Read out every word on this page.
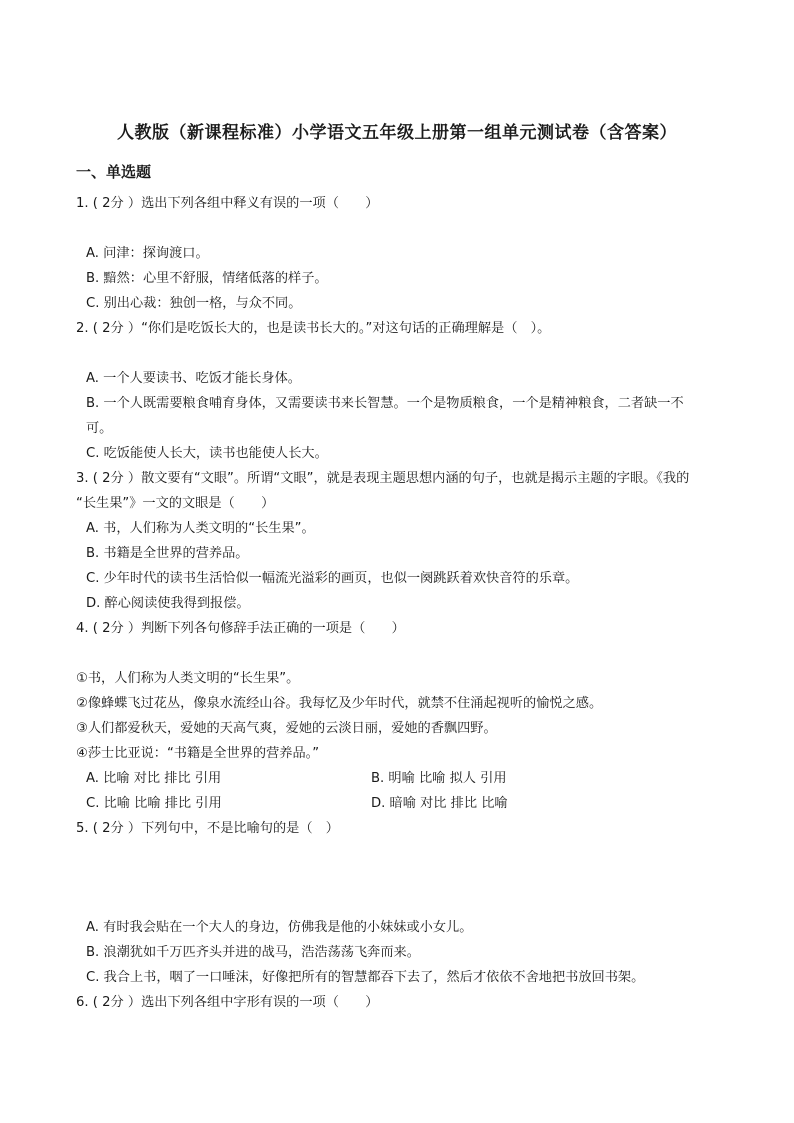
人教版（新课程标准）小学语文五年级上册第一组单元测试卷（含答案）
一、单选题
1. ( 2分 ）选出下列各组中释义有误的一项（　　）
A. 问津：探询渡口。
B. 黯然：心里不舒服，情绪低落的样子。
C. 别出心裁：独创一格，与众不同。
2. ( 2分 ）“你们是吃饭长大的，也是读书长大的。”对这句话的正确理解是（　）。
A. 一个人要读书、吃饭才能长身体。
B. 一个人既需要粮食哺育身体，又需要读书来长智慧。一个是物质粮食，一个是精神粮食，二者缺一不
可。
C. 吃饭能使人长大，读书也能使人长大。
3. ( 2分 ）散文要有“文眼”。所谓“文眼”，就是表现主题思想内涵的句子，也就是揭示主题的字眼。《我的
“长生果”》一文的文眼是（　　）
A. 书，人们称为人类文明的“长生果”。
B. 书籍是全世界的营养品。
C. 少年时代的读书生活恰似一幅流光溢彩的画页，也似一阕跳跃着欢快音符的乐章。
D. 醉心阅读使我得到报偿。
4. ( 2分 ）判断下列各句修辞手法正确的一项是（　　）
①书，人们称为人类文明的“长生果”。
②像蜂蝶飞过花丛，像泉水流经山谷。我每忆及少年时代，就禁不住涌起视听的愉悦之感。
③人们都爱秋天，爱她的天高气爽，爱她的云淡日丽，爱她的香飘四野。
④莎士比亚说：“书籍是全世界的营养品。”
A. 比喻 对比 排比 引用	B. 明喻 比喻 拟人 引用
C. 比喻 比喻 排比 引用	D. 暗喻 对比 排比 比喻
5. ( 2分 ）下列句中，不是比喻句的是（　）
A. 有时我会贴在一个大人的身边，仿佛我是他的小妹妹或小女儿。
B. 浪潮犹如千万匹齐头并进的战马，浩浩荡荡飞奔而来。
C. 我合上书，咽了一口唾沫，好像把所有的智慧都吞下去了，然后才依依不舍地把书放回书架。
6. ( 2分 ）选出下列各组中字形有误的一项（　　）
